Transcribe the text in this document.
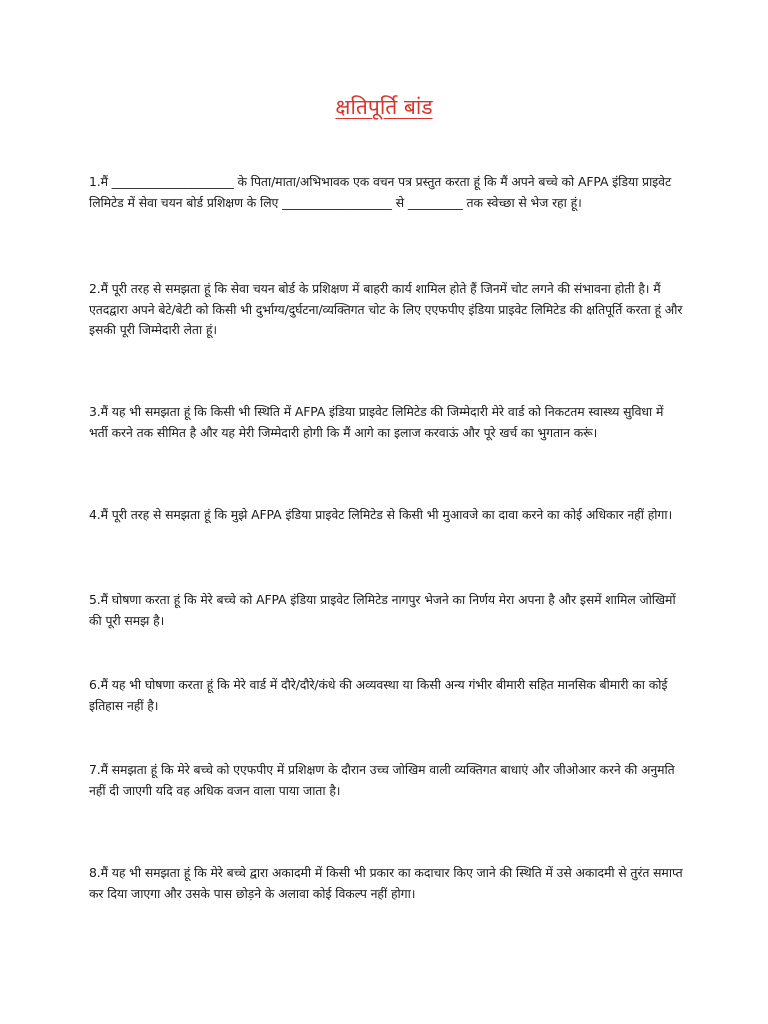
क्षतिपूर्ति बांड
1.मैं ____________________ के पिता/माता/अभिभावक एक वचन पत्र प्रस्तुत करता हूं कि मैं अपने बच्चे को AFPA इंडिया प्राइवेट लिमिटेड में सेवा चयन बोर्ड प्रशिक्षण के लिए __________________ से _________ तक स्वेच्छा से भेज रहा हूं।
2.मैं पूरी तरह से समझता हूं कि सेवा चयन बोर्ड के प्रशिक्षण में बाहरी कार्य शामिल होते हैं जिनमें चोट लगने की संभावना होती है। मैं एतदद्वारा अपने बेटे/बेटी को किसी भी दुर्भाग्य/दुर्घटना/व्यक्तिगत चोट के लिए एएफपीए इंडिया प्राइवेट लिमिटेड की क्षतिपूर्ति करता हूं और इसकी पूरी जिम्मेदारी लेता हूं।
3.मैं यह भी समझता हूं कि किसी भी स्थिति में AFPA इंडिया प्राइवेट लिमिटेड की जिम्मेदारी मेरे वार्ड को निकटतम स्वास्थ्य सुविधा में भर्ती करने तक सीमित है और यह मेरी जिम्मेदारी होगी कि मैं आगे का इलाज करवाऊं और पूरे खर्च का भुगतान करूं।
4.मैं पूरी तरह से समझता हूं कि मुझे AFPA इंडिया प्राइवेट लिमिटेड से किसी भी मुआवजे का दावा करने का कोई अधिकार नहीं होगा।
5.मैं घोषणा करता हूं कि मेरे बच्चे को AFPA इंडिया प्राइवेट लिमिटेड नागपुर भेजने का निर्णय मेरा अपना है और इसमें शामिल जोखिमों की पूरी समझ है।
6.मैं यह भी घोषणा करता हूं कि मेरे वार्ड में दौरे/दौरे/कंधे की अव्यवस्था या किसी अन्य गंभीर बीमारी सहित मानसिक बीमारी का कोई इतिहास नहीं है।
7.मैं समझता हूं कि मेरे बच्चे को एएफपीए में प्रशिक्षण के दौरान उच्च जोखिम वाली व्यक्तिगत बाधाएं और जीओआर करने की अनुमति नहीं दी जाएगी यदि वह अधिक वजन वाला पाया जाता है।
8.मैं यह भी समझता हूं कि मेरे बच्चे द्वारा अकादमी में किसी भी प्रकार का कदाचार किए जाने की स्थिति में उसे अकादमी से तुरंत समाप्त कर दिया जाएगा और उसके पास छोड़ने के अलावा कोई विकल्प नहीं होगा।
